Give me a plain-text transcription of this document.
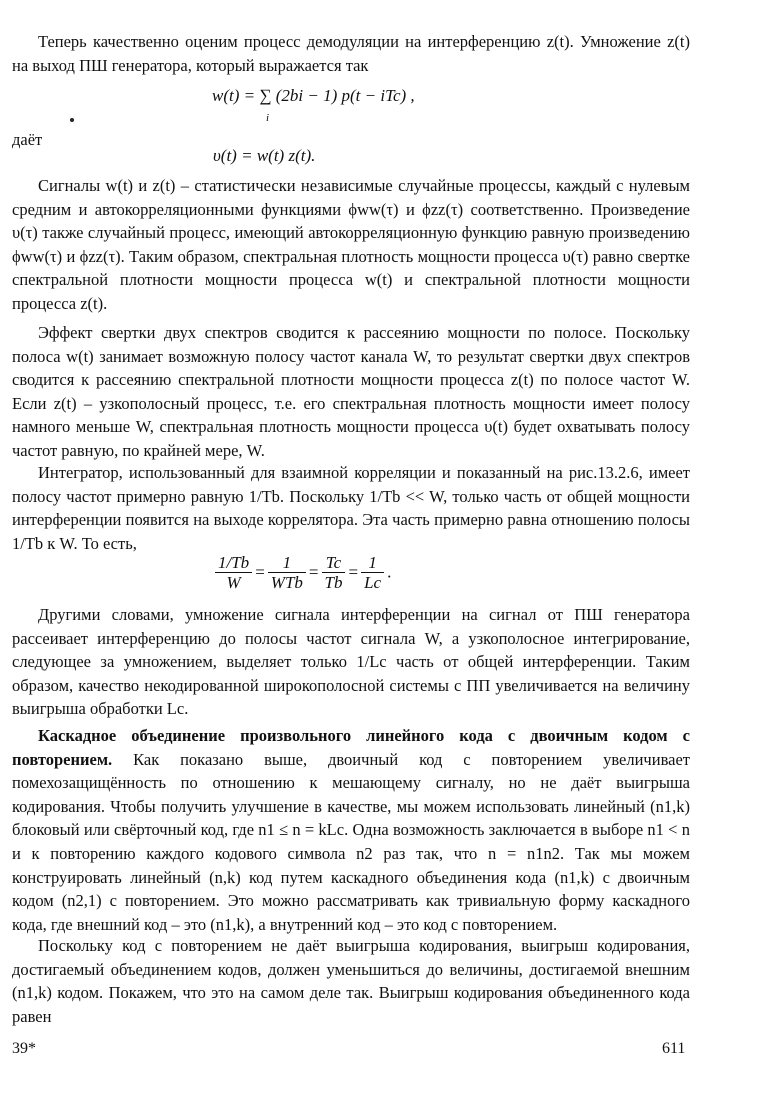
Теперь качественно оценим процесс демодуляции на интерференцию z(t). Умножение z(t) на выход ПШ генератора, который выражается так

w(t) = ∑ (2bi − 1) p(t − iTc) ,
i

даёт

υ(t) = w(t) z(t).

Сигналы w(t) и z(t) – статистически независимые случайные процессы, каждый с нулевым средним и автокорреляционными функциями ϕww(τ) и ϕzz(τ) соответственно. Произведение υ(τ) также случайный процесс, имеющий автокорреляционную функцию равную произведению ϕww(τ) и ϕzz(τ). Таким образом, спектральная плотность мощности процесса υ(τ) равно свертке спектральной плотности мощности процесса w(t) и спектральной плотности мощности процесса z(t).

Эффект свертки двух спектров сводится к рассеянию мощности по полосе. Поскольку полоса w(t) занимает возможную полосу частот канала W, то результат свертки двух спектров сводится к рассеянию спектральной плотности мощности процесса z(t) по полосе частот W. Если z(t) – узкополосный процесс, т.е. его спектральная плотность мощности имеет полосу намного меньше W, спектральная плотность мощности процесса υ(t) будет охватывать полосу частот равную, по крайней мере, W.

Интегратор, использованный для взаимной корреляции и показанный на рис.13.2.6, имеет полосу частот примерно равную 1/Tb. Поскольку 1/Tb << W, только часть от общей мощности интерференции появится на выходе коррелятора. Эта часть примерно равна отношению полосы 1/Tb к W. То есть,

$\frac{1/Tb}{W} = \frac{1}{\text{WTb}} = \frac{Tc}{Tb} = \frac{1}{Lc}$ .

Другими словами, умножение сигнала интерференции на сигнал от ПШ генератора рассеивает интерференцию до полосы частот сигнала W, а узкополосное интегрирование, следующее за умножением, выделяет только 1/Lc часть от общей интерференции. Таким образом, качество некодированной широкополосной системы с ПП увеличивается на величину выигрыша обработки Lc.

Каскадное объединение произвольного линейного кода с двоичным кодом с повторением. Как показано выше, двоичный код с повторением увеличивает помехозащищённость по отношению к мешающему сигналу, но не даёт выигрыша кодирования. Чтобы получить улучшение в качестве, мы можем использовать линейный (n1,k) блоковый или свёрточный код, где n1 ≤ n = kLc. Одна возможность заключается в выборе n1 < n и к повторению каждого кодового символа n2 раз так, что n = n1n2. Так мы можем конструировать линейный (n,k) код путем каскадного объединения кода (n1,k) с двоичным кодом (n2,1) с повторением. Это можно рассматривать как тривиальную форму каскадного кода, где внешний код – это (n1,k), а внутренний код – это код с повторением.

Поскольку код с повторением не даёт выигрыша кодирования, выигрыш кодирования, достигаемый объединением кодов, должен уменьшиться до величины, достигаемой внешним (n1,k) кодом. Покажем, что это на самом деле так. Выигрыш кодирования объединенного кода равен

39*	611
